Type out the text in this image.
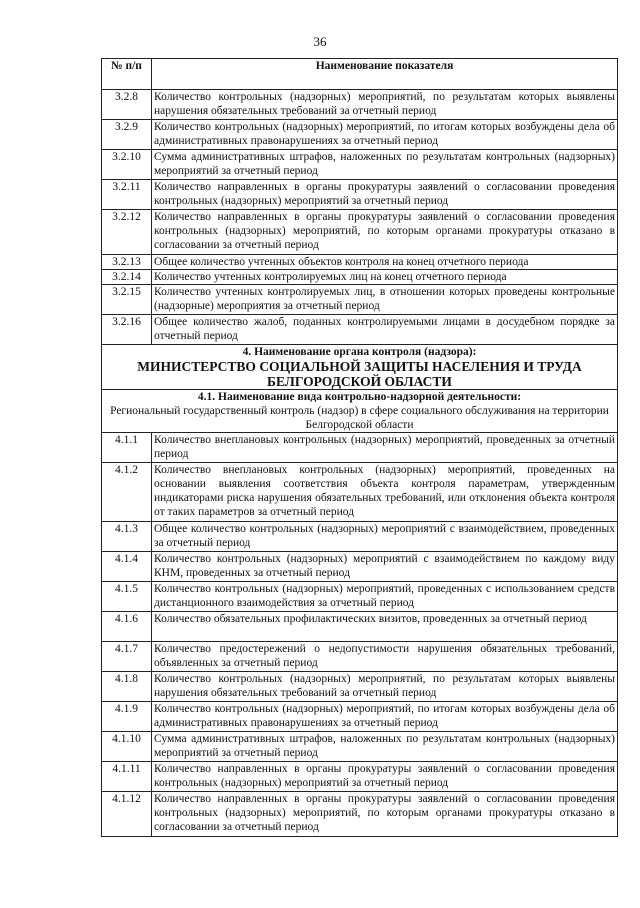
36
№ п/п	Наименование показателя
3.2.8	Количество контрольных (надзорных) мероприятий, по результатам которых выявлены нарушения обязательных требований за отчетный период
3.2.9	Количество контрольных (надзорных) мероприятий, по итогам которых возбуждены дела об административных правонарушениях за отчетный период
3.2.10	Сумма административных штрафов, наложенных по результатам контрольных (надзорных) мероприятий за отчетный период
3.2.11	Количество направленных в органы прокуратуры заявлений о согласовании проведения контрольных (надзорных) мероприятий за отчетный период
3.2.12	Количество направленных в органы прокуратуры заявлений о согласовании проведения контрольных (надзорных) мероприятий, по которым органами прокуратуры отказано в согласовании за отчетный период
3.2.13	Общее количество учтенных объектов контроля на конец отчетного периода
3.2.14	Количество учтенных контролируемых лиц на конец отчетного периода
3.2.15	Количество учтенных контролируемых лиц, в отношении которых проведены контрольные (надзорные) мероприятия за отчетный период
3.2.16	Общее количество жалоб, поданных контролируемыми лицами в досудебном порядке за отчетный период
4. Наименование органа контроля (надзора):
МИНИСТЕРСТВО СОЦИАЛЬНОЙ ЗАЩИТЫ НАСЕЛЕНИЯ И ТРУДА БЕЛГОРОДСКОЙ ОБЛАСТИ	

4.1. Наименование вида контрольно-надзорной деятельности:
Региональный государственный контроль (надзор) в сфере социального обслуживания на территории Белгородской области	
4.1.1	Количество внеплановых контрольных (надзорных) мероприятий, проведенных за отчетный период
4.1.2	Количество внеплановых контрольных (надзорных) мероприятий, проведенных на основании выявления соответствия объекта контроля параметрам, утвержденным индикаторами риска нарушения обязательных требований, или отклонения объекта контроля от таких параметров за отчетный период
4.1.3	Общее количество контрольных (надзорных) мероприятий с взаимодействием, проведенных за отчетный период
4.1.4	Количество контрольных (надзорных) мероприятий с взаимодействием по каждому виду КНМ, проведенных за отчетный период
4.1.5	Количество контрольных (надзорных) мероприятий, проведенных с использованием средств дистанционного взаимодействия за отчетный период
4.1.6	Количество обязательных профилактических визитов, проведенных за отчетный период
4.1.7	Количество предостережений о недопустимости нарушения обязательных требований, объявленных за отчетный период
4.1.8	Количество контрольных (надзорных) мероприятий, по результатам которых выявлены нарушения обязательных требований за отчетный период
4.1.9	Количество контрольных (надзорных) мероприятий, по итогам которых возбуждены дела об административных правонарушениях за отчетный период
4.1.10	Сумма административных штрафов, наложенных по результатам контрольных (надзорных) мероприятий за отчетный период
4.1.11	Количество направленных в органы прокуратуры заявлений о согласовании проведения контрольных (надзорных) мероприятий за отчетный период
4.1.12	Количество направленных в органы прокуратуры заявлений о согласовании проведения контрольных (надзорных) мероприятий, по которым органами прокуратуры отказано в согласовании за отчетный период
